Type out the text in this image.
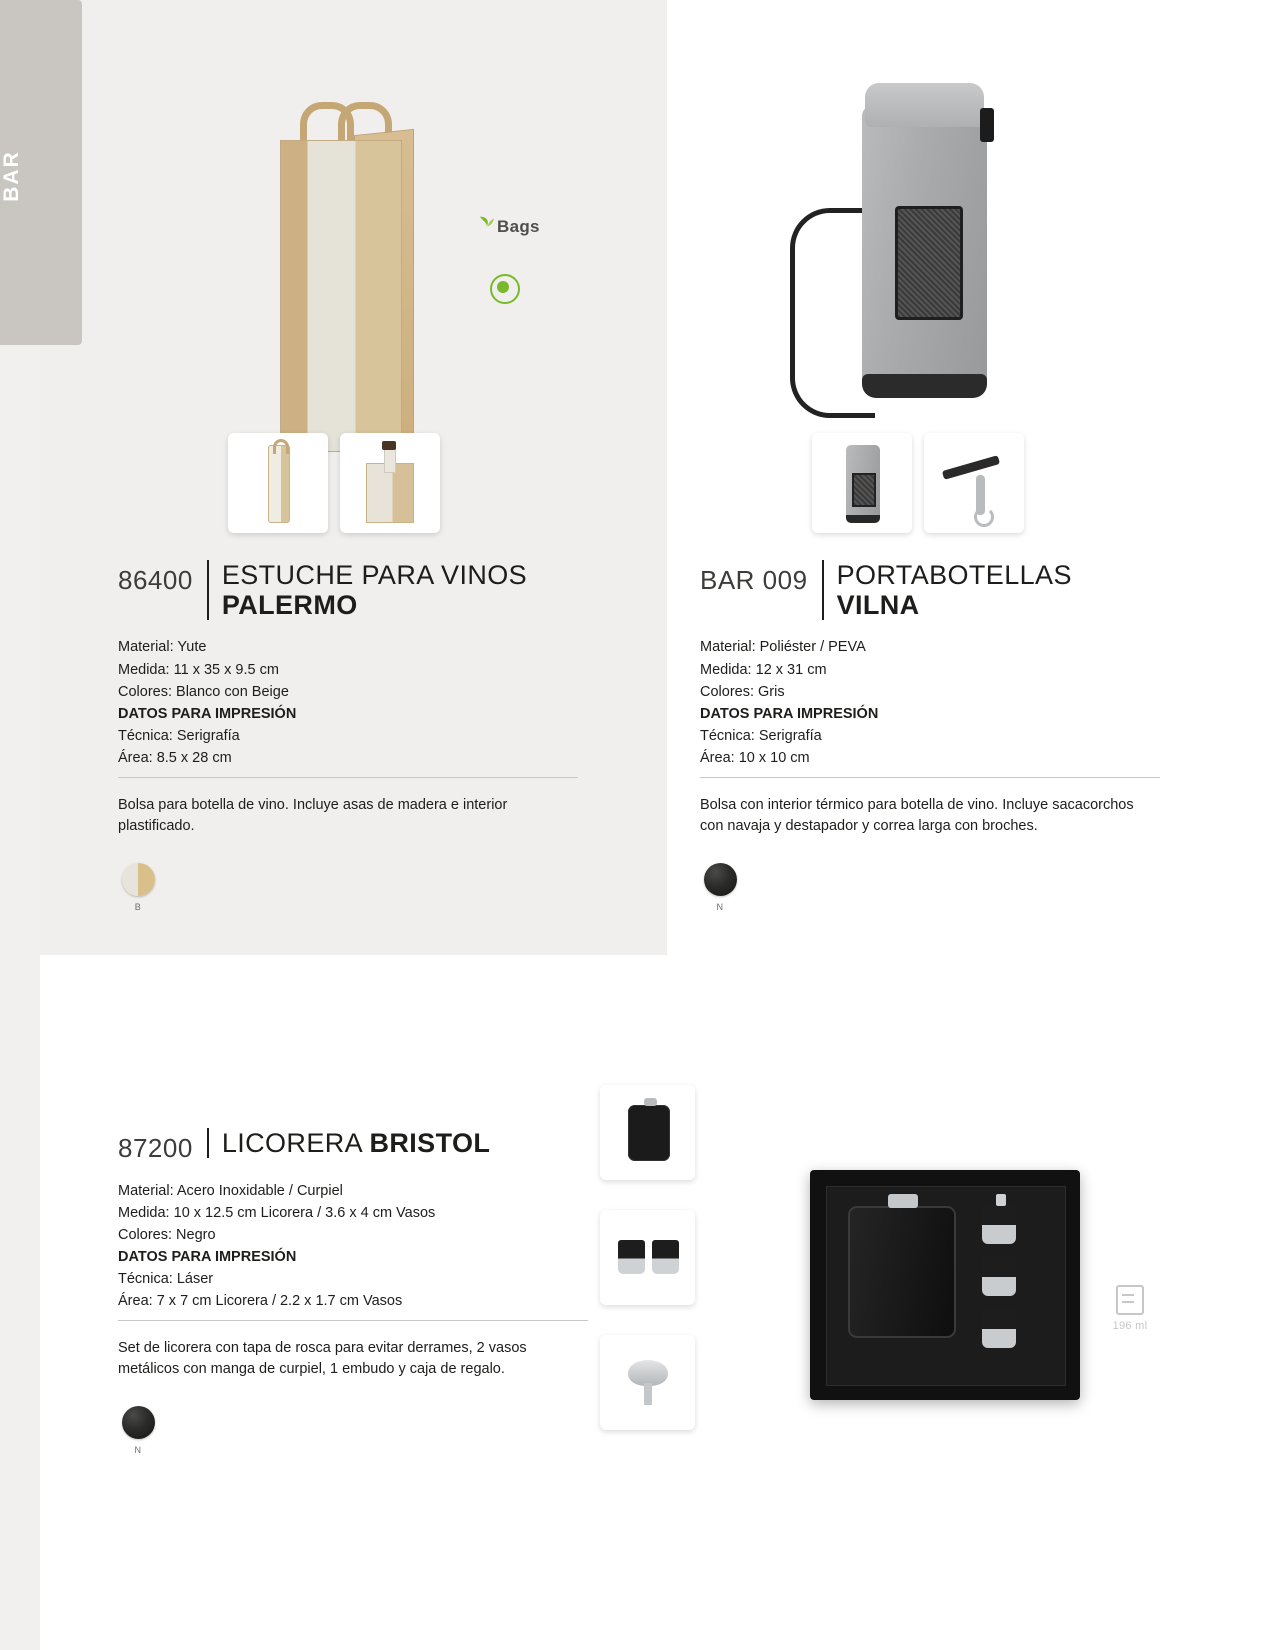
BAR
Bags
86400 ESTUCHE PARA VINOS
PALERMO
Material: Yute
Medida: 11 x 35 x 9.5 cm
Colores: Blanco con Beige
DATOS PARA IMPRESIÓN
Técnica: Serigrafía
Área: 8.5 x 28 cm
Bolsa para botella de vino. Incluye asas de madera e interior plastificado.
B
BAR 009 PORTABOTELLAS
VILNA
Material: Poliéster / PEVA
Medida: 12 x 31 cm
Colores: Gris
DATOS PARA IMPRESIÓN
Técnica: Serigrafía
Área: 10 x 10 cm
Bolsa con interior térmico para botella de vino. Incluye sacacorchos con navaja y destapador y correa larga con broches.
N
87200 LICORERA BRISTOL
Material: Acero Inoxidable / Curpiel
Medida: 10 x 12.5 cm Licorera / 3.6 x 4 cm Vasos
Colores: Negro
DATOS PARA IMPRESIÓN
Técnica: Láser
Área: 7 x 7 cm Licorera / 2.2 x 1.7 cm Vasos
Set de licorera con tapa de rosca para evitar derrames, 2 vasos metálicos con manga de curpiel, 1 embudo y caja de regalo.
N
196 ml
